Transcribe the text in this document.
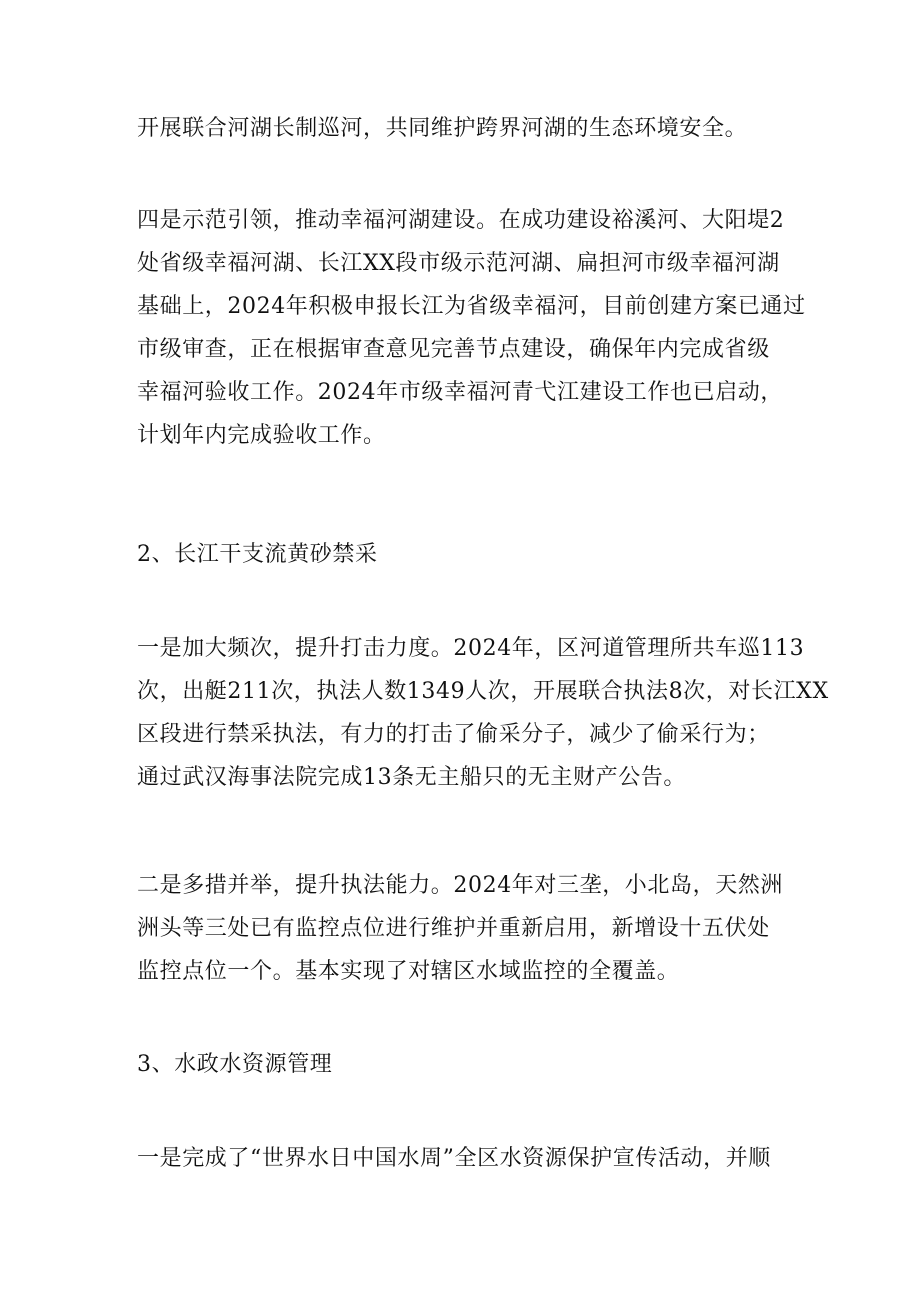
开展联合河湖长制巡河，共同维护跨界河湖的生态环境安全。
四是示范引领，推动幸福河湖建设。在成功建设裕溪河、大阳堤2
处省级幸福河湖、长江XX段市级示范河湖、扁担河市级幸福河湖
基础上，2024年积极申报长江为省级幸福河，目前创建方案已通过
市级审查，正在根据审查意见完善节点建设，确保年内完成省级
幸福河验收工作。2024年市级幸福河青弋江建设工作也已启动，
计划年内完成验收工作。
2、长江干支流黄砂禁采
一是加大频次，提升打击力度。2024年，区河道管理所共车巡113
次，出艇211次，执法人数1349人次，开展联合执法8次，对长江XX
区段进行禁采执法，有力的打击了偷采分子，减少了偷采行为；
通过武汉海事法院完成13条无主船只的无主财产公告。
二是多措并举，提升执法能力。2024年对三垄，小北岛，天然洲
洲头等三处已有监控点位进行维护并重新启用，新增设十五伏处
监控点位一个。基本实现了对辖区水域监控的全覆盖。
3、水政水资源管理
一是完成了“世界水日中国水周”全区水资源保护宣传活动，并顺
